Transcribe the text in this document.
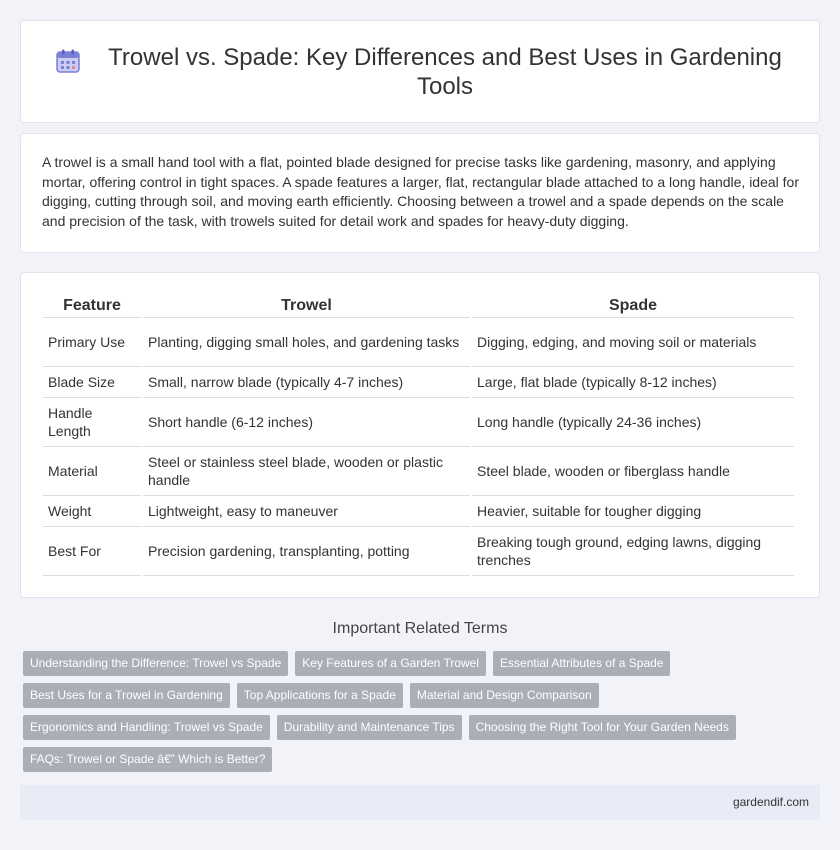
Trowel vs. Spade: Key Differences and Best Uses in Gardening Tools

A trowel is a small hand tool with a flat, pointed blade designed for precise tasks like gardening, masonry, and applying mortar, offering control in tight spaces. A spade features a larger, flat, rectangular blade attached to a long handle, ideal for digging, cutting through soil, and moving earth efficiently. Choosing between a trowel and a spade depends on the scale and precision of the task, with trowels suited for detail work and spades for heavy-duty digging.

Feature	Trowel	Spade
Primary Use	Planting, digging small holes, and gardening tasks	Digging, edging, and moving soil or materials
Blade Size	Small, narrow blade (typically 4-7 inches)	Large, flat blade (typically 8-12 inches)
Handle Length	Short handle (6-12 inches)	Long handle (typically 24-36 inches)
Material	Steel or stainless steel blade, wooden or plastic handle	Steel blade, wooden or fiberglass handle
Weight	Lightweight, easy to maneuver	Heavier, suitable for tougher digging
Best For	Precision gardening, transplanting, potting	Breaking tough ground, edging lawns, digging trenches
Important Related Terms
Understanding the Difference: Trowel vs Spade	Key Features of a Garden Trowel	Essential Attributes of a Spade
Best Uses for a Trowel in Gardening	Top Applications for a Spade	Material and Design Comparison
Ergonomics and Handling: Trowel vs Spade	Durability and Maintenance Tips	Choosing the Right Tool for Your Garden Needs
FAQs: Trowel or Spade â€” Which is Better?
gardendif.com
